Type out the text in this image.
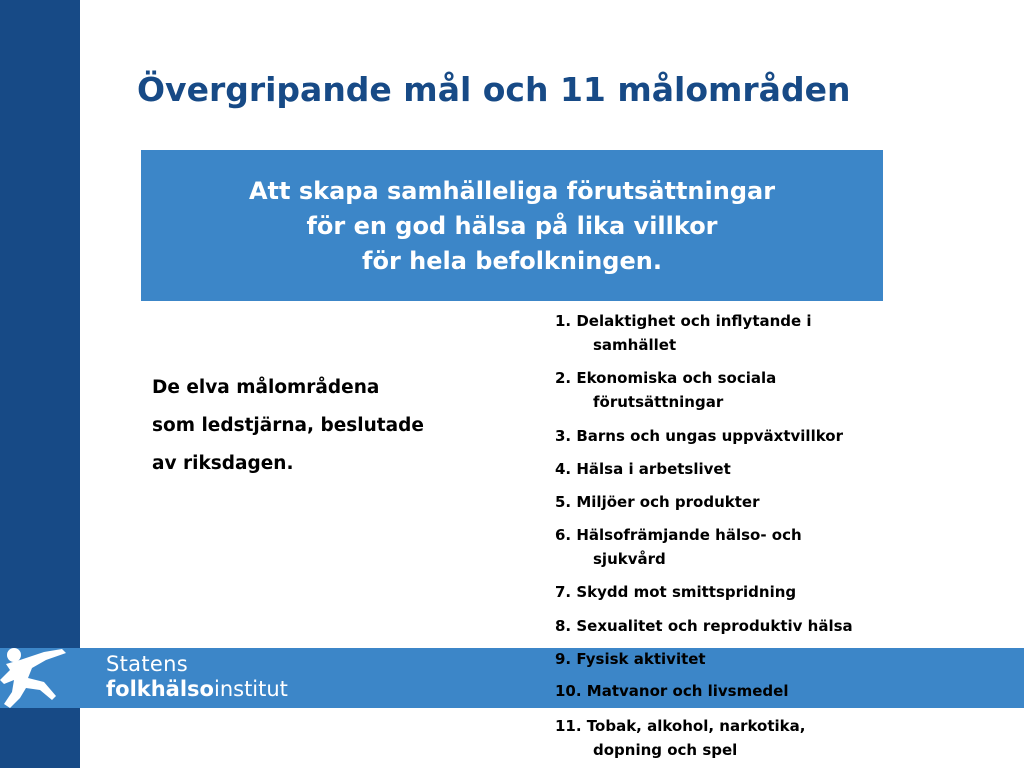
Övergripande mål och 11 målområden
Att skapa samhälleliga förutsättningar
för en god hälsa på lika villkor
för hela befolkningen.

De elva målområdena
som ledstjärna, beslutade
av riksdagen.

Statens
folkhälsoinstitut
1. Delaktighet och inflytande i
samhället
2. Ekonomiska och sociala
förutsättningar
3. Barns och ungas uppväxtvillkor
4. Hälsa i arbetslivet
5. Miljöer och produkter
6. Hälsofrämjande hälso- och
sjukvård
7. Skydd mot smittspridning
8. Sexualitet och reproduktiv hälsa
9. Fysisk aktivitet
10. Matvanor och livsmedel
11. Tobak, alkohol, narkotika,
dopning och spel
